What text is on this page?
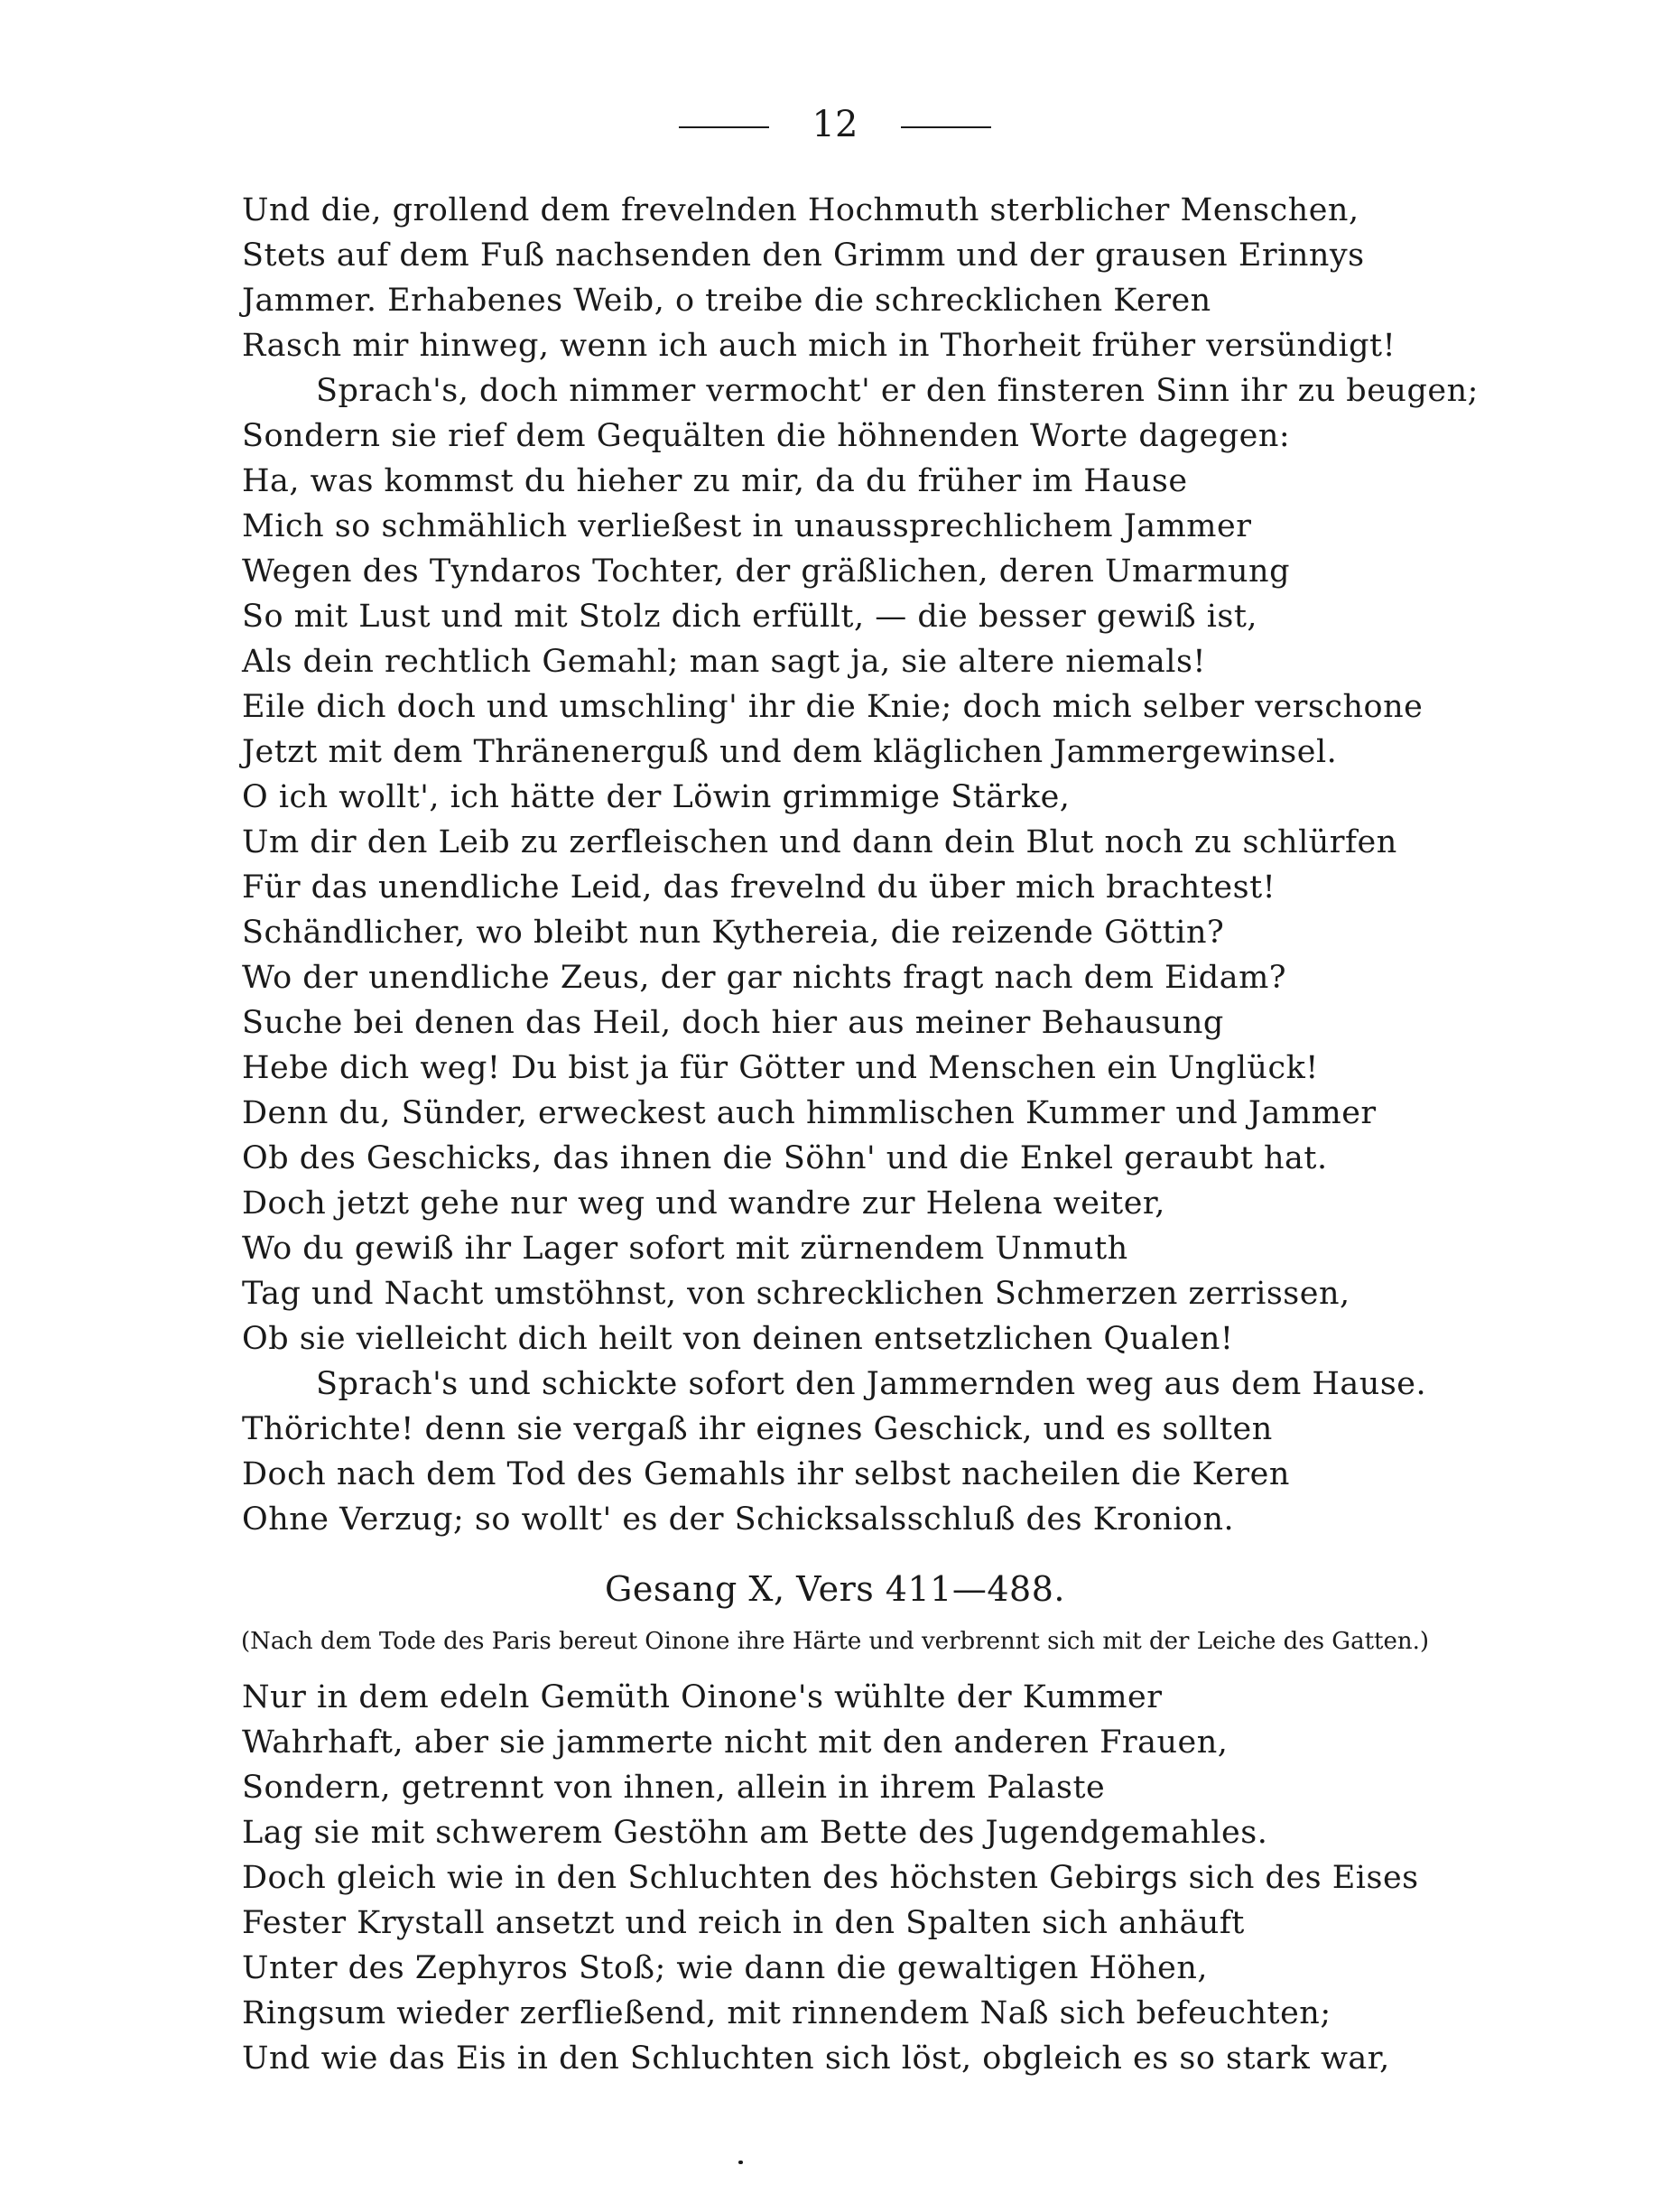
12
Und die, grollend dem frevelnden Hochmuth sterblicher Menschen,
Stets auf dem Fuß nachsenden den Grimm und der grausen Erinnys
Jammer. Erhabenes Weib, o treibe die schrecklichen Keren
Rasch mir hinweg, wenn ich auch mich in Thorheit früher versündigt!
Sprach's, doch nimmer vermocht' er den finsteren Sinn ihr zu beugen;
Sondern sie rief dem Gequälten die höhnenden Worte dagegen:
Ha, was kommst du hieher zu mir, da du früher im Hause
Mich so schmählich verließest in unaussprechlichem Jammer
Wegen des Tyndaros Tochter, der gräßlichen, deren Umarmung
So mit Lust und mit Stolz dich erfüllt, — die besser gewiß ist,
Als dein rechtlich Gemahl; man sagt ja, sie altere niemals!
Eile dich doch und umschling' ihr die Knie; doch mich selber verschone
Jetzt mit dem Thränenerguß und dem kläglichen Jammergewinsel.
O ich wollt', ich hätte der Löwin grimmige Stärke,
Um dir den Leib zu zerfleischen und dann dein Blut noch zu schlürfen
Für das unendliche Leid, das frevelnd du über mich brachtest!
Schändlicher, wo bleibt nun Kythereia, die reizende Göttin?
Wo der unendliche Zeus, der gar nichts fragt nach dem Eidam?
Suche bei denen das Heil, doch hier aus meiner Behausung
Hebe dich weg! Du bist ja für Götter und Menschen ein Unglück!
Denn du, Sünder, erweckest auch himmlischen Kummer und Jammer
Ob des Geschicks, das ihnen die Söhn' und die Enkel geraubt hat.
Doch jetzt gehe nur weg und wandre zur Helena weiter,
Wo du gewiß ihr Lager sofort mit zürnendem Unmuth
Tag und Nacht umstöhnst, von schrecklichen Schmerzen zerrissen,
Ob sie vielleicht dich heilt von deinen entsetzlichen Qualen!
Sprach's und schickte sofort den Jammernden weg aus dem Hause.
Thörichte! denn sie vergaß ihr eignes Geschick, und es sollten
Doch nach dem Tod des Gemahls ihr selbst nacheilen die Keren
Ohne Verzug; so wollt' es der Schicksalsschluß des Kronion.
Gesang X, Vers 411—488.
(Nach dem Tode des Paris bereut Oinone ihre Härte und verbrennt sich mit der Leiche des Gatten.)
Nur in dem edeln Gemüth Oinone's wühlte der Kummer
Wahrhaft, aber sie jammerte nicht mit den anderen Frauen,
Sondern, getrennt von ihnen, allein in ihrem Palaste
Lag sie mit schwerem Gestöhn am Bette des Jugendgemahles.
Doch gleich wie in den Schluchten des höchsten Gebirgs sich des Eises
Fester Krystall ansetzt und reich in den Spalten sich anhäuft
Unter des Zephyros Stoß; wie dann die gewaltigen Höhen,
Ringsum wieder zerfließend, mit rinnendem Naß sich befeuchten;
Und wie das Eis in den Schluchten sich löst, obgleich es so stark war,
